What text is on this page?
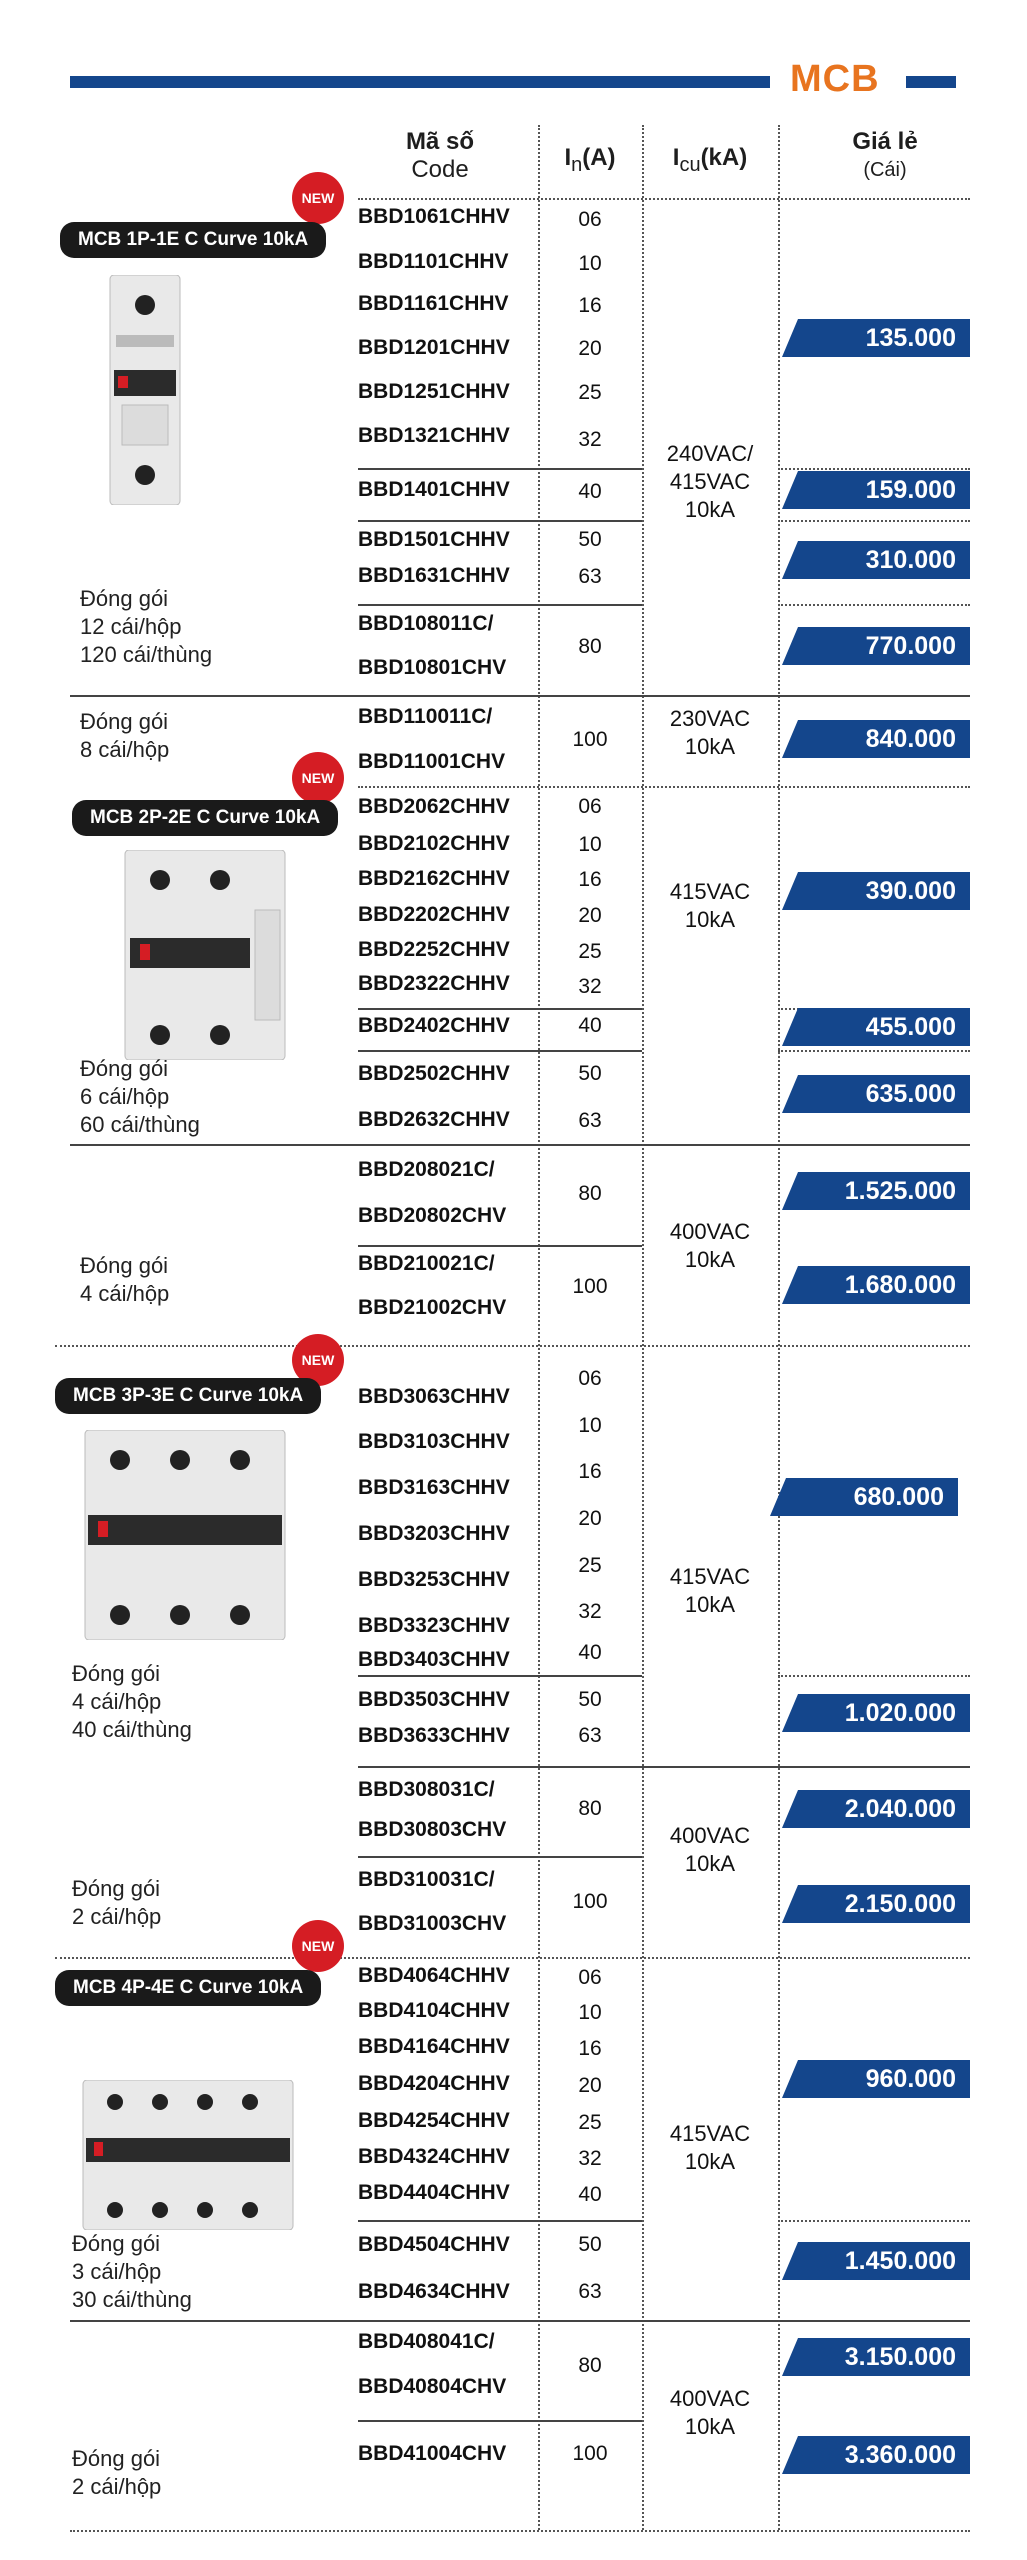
MCB
Mã số
Code	$I_n(A)$	$I_{cu}(kA)$
Giá lẻ
(Cái)
NEW
MCB 1P-1E C Curve 10kA
Đóng gói
12 cái/hộp
120 cái/thùng
Đóng gói
8 cái/hộp
BBD1061CHHV
BBD1101CHHV
BBD1161CHHV
BBD1201CHHV
BBD1251CHHV
BBD1321CHHV
BBD1401CHHV
BBD1501CHHV
BBD1631CHHV
BBD108011C/
BBD10801CHV
BBD110011C/
BBD11001CHV
06
10
16
20
25
32
40
50
63
80
100
240VAC/
415VAC
10kA
230VAC
10kA
135.000
159.000
310.000
770.000
840.000
NEW
MCB 2P-2E C Curve 10kA
Đóng gói
6 cái/hộp
60 cái/thùng
Đóng gói
4 cái/hộp
BBD2062CHHV
BBD2102CHHV
BBD2162CHHV
BBD2202CHHV
BBD2252CHHV
BBD2322CHHV
BBD2402CHHV
BBD2502CHHV
BBD2632CHHV
BBD208021C/
BBD20802CHV
BBD210021C/
BBD21002CHV
06
10
16
20
25
32
40
50
63
80
100
415VAC
10kA
400VAC
10kA
390.000
455.000
635.000
1.525.000
1.680.000
NEW
MCB 3P-3E C Curve 10kA
Đóng gói
4 cái/hộp
40 cái/thùng
Đóng gói
2 cái/hộp
BBD3063CHHV
BBD3103CHHV
BBD3163CHHV
BBD3203CHHV
BBD3253CHHV
BBD3323CHHV
BBD3403CHHV
BBD3503CHHV
BBD3633CHHV
BBD308031C/
BBD30803CHV
BBD310031C/
BBD31003CHV
06
10
16
20
25
32
40
50
63
80
100
415VAC
10kA
400VAC
10kA
680.000
1.020.000
2.040.000
2.150.000
NEW
MCB 4P-4E C Curve 10kA
Đóng gói
3 cái/hộp
30 cái/thùng
Đóng gói
2 cái/hộp
BBD4064CHHV
BBD4104CHHV
BBD4164CHHV
BBD4204CHHV
BBD4254CHHV
BBD4324CHHV
BBD4404CHHV
BBD4504CHHV
BBD4634CHHV
BBD408041C/
BBD40804CHV
BBD41004CHV
06
10
16
20
25
32
40
50
63
80
100
415VAC
10kA
400VAC
10kA
960.000
1.450.000
3.150.000
3.360.000
